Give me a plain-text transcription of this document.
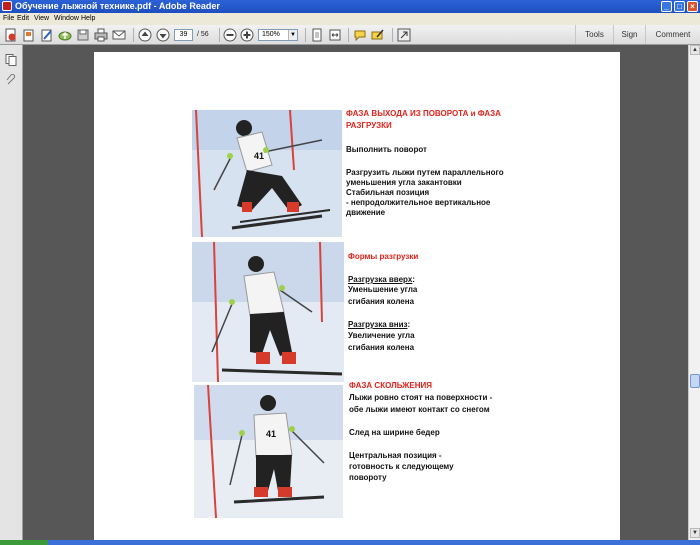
Обучение лыжной технике.pdf - Adobe Reader	_	□	×
File Edit View Window Help
39	/ 56	150%	▼	Tools	Sign	Comment
41
41
ФАЗА ВЫХОДА ИЗ ПОВОРОТА и ФАЗА
РАЗГРУЗКИ
Выполнить поворот
Разгрузить лыжи путем параллельного
уменьшения угла закантовки
Стабильная позиция
- непродолжительное вертикальное
движение
Формы разгрузки
Разгрузка вверх:
Уменьшение угла
сгибания колена
Разгрузка вниз:
Увеличение угла
сгибания колена
ФАЗА СКОЛЬЖЕНИЯ
Лыжи ровно стоят на поверхности -
обе лыжи имеют контакт со снегом
След на ширине бедер
Центральная позиция -
готовность к следующему
повороту
▲
▼
